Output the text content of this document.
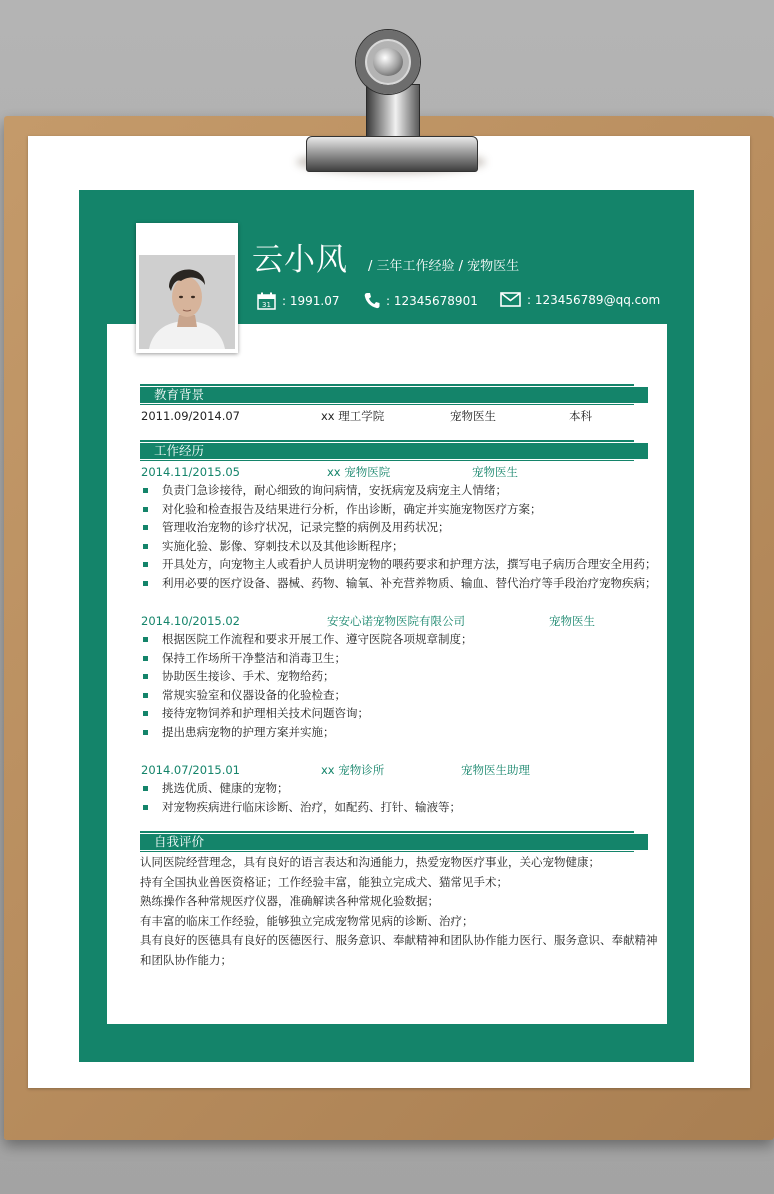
云小风 / 三年工作经验 / 宠物医生
31 : 1991.07	: 12345678901	: 123456789@qq.com
教育背景
2011.09/2014.07	xx 理工学院	宠物医生	本科
工作经历
2014.11/2015.05	xx 宠物医院	宠物医生
负责门急诊接待，耐心细致的询问病情，安抚病宠及病宠主人情绪；
对化验和检查报告及结果进行分析，作出诊断，确定并实施宠物医疗方案；
管理收治宠物的诊疗状况，记录完整的病例及用药状况；
实施化验、影像、穿刺技术以及其他诊断程序；
开具处方，向宠物主人或看护人员讲明宠物的喂药要求和护理方法，撰写电子病历合理安全用药；
利用必要的医疗设备、器械、药物、输氧、补充营养物质、输血、替代治疗等手段治疗宠物疾病；
2014.10/2015.02	安安心诺宠物医院有限公司	宠物医生
根据医院工作流程和要求开展工作、遵守医院各项规章制度；
保持工作场所干净整洁和消毒卫生；
协助医生接诊、手术、宠物给药；
常规实验室和仪器设备的化验检查；
接待宠物饲养和护理相关技术问题咨询；
提出患病宠物的护理方案并实施；
2014.07/2015.01	xx 宠物诊所	宠物医生助理
挑选优质、健康的宠物；
对宠物疾病进行临床诊断、治疗，如配药、打针、输液等；
自我评价
认同医院经营理念，具有良好的语言表达和沟通能力，热爱宠物医疗事业，关心宠物健康；
持有全国执业兽医资格证；工作经验丰富，能独立完成犬、猫常见手术；
熟练操作各种常规医疗仪器，准确解读各种常规化验数据；
有丰富的临床工作经验，能够独立完成宠物常见病的诊断、治疗；
具有良好的医德具有良好的医德医行、服务意识、奉献精神和团队协作能力医行、服务意识、奉献精神
和团队协作能力；
